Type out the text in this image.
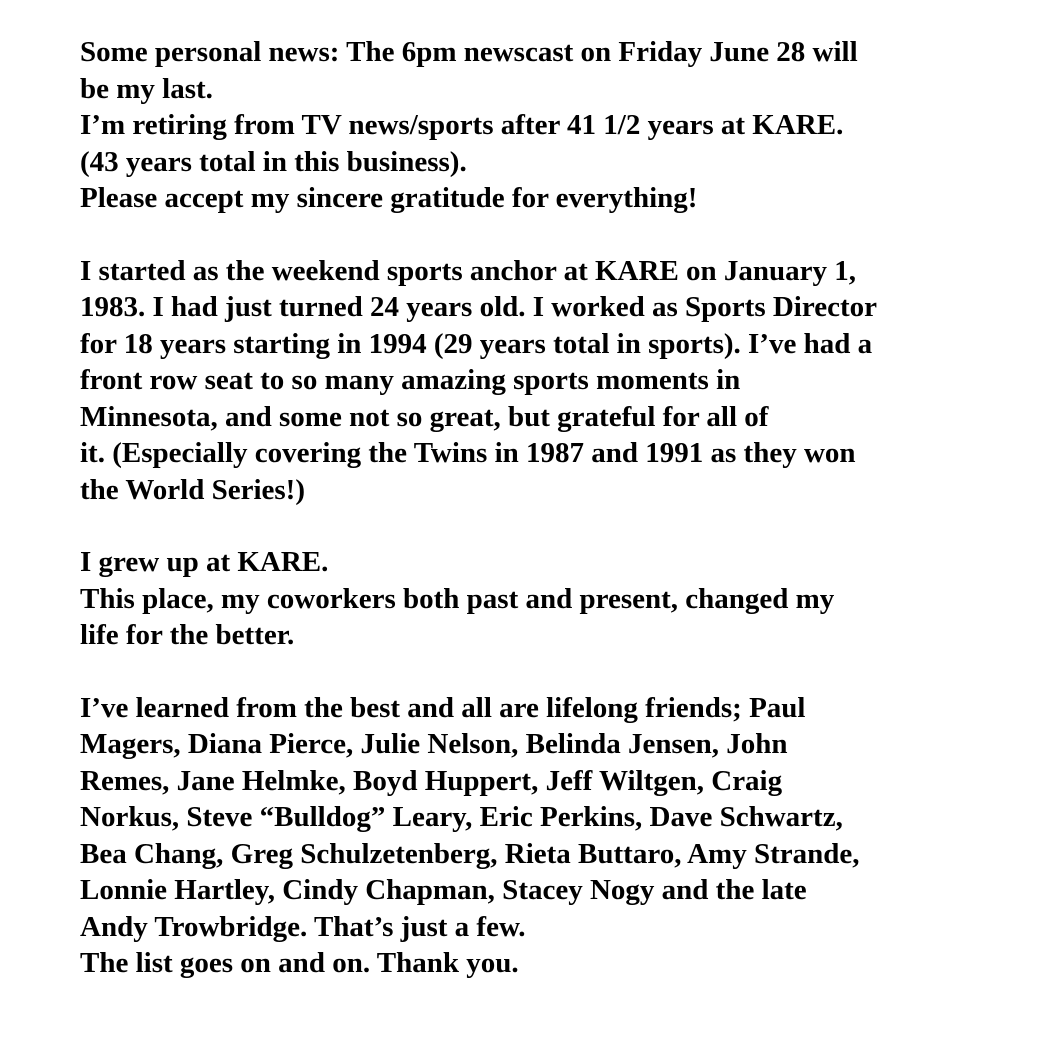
Some personal news: The 6pm newscast on Friday June 28 will
be my last.

I’m retiring from TV news/sports after 41 1/2 years at KARE.
(43 years total in this business).

Please accept my sincere gratitude for everything!

I started as the weekend sports anchor at KARE on January 1,
1983. I had just turned 24 years old. I worked as Sports Director
for 18 years starting in 1994 (29 years total in sports). I’ve had a
front row seat to so many amazing sports moments in
Minnesota, and some not so great, but grateful for all of
it. (Especially covering the Twins in 1987 and 1991 as they won
the World Series!)

I grew up at KARE.

This place, my coworkers both past and present, changed my
life for the better.

I’ve learned from the best and all are lifelong friends; Paul
Magers, Diana Pierce, Julie Nelson, Belinda Jensen, John
Remes, Jane Helmke, Boyd Huppert, Jeff Wiltgen, Craig
Norkus, Steve “Bulldog” Leary, Eric Perkins, Dave Schwartz,
Bea Chang, Greg Schulzetenberg, Rieta Buttaro, Amy Strande,
Lonnie Hartley, Cindy Chapman, Stacey Nogy and the late
Andy Trowbridge. That’s just a few.

The list goes on and on. Thank you.
